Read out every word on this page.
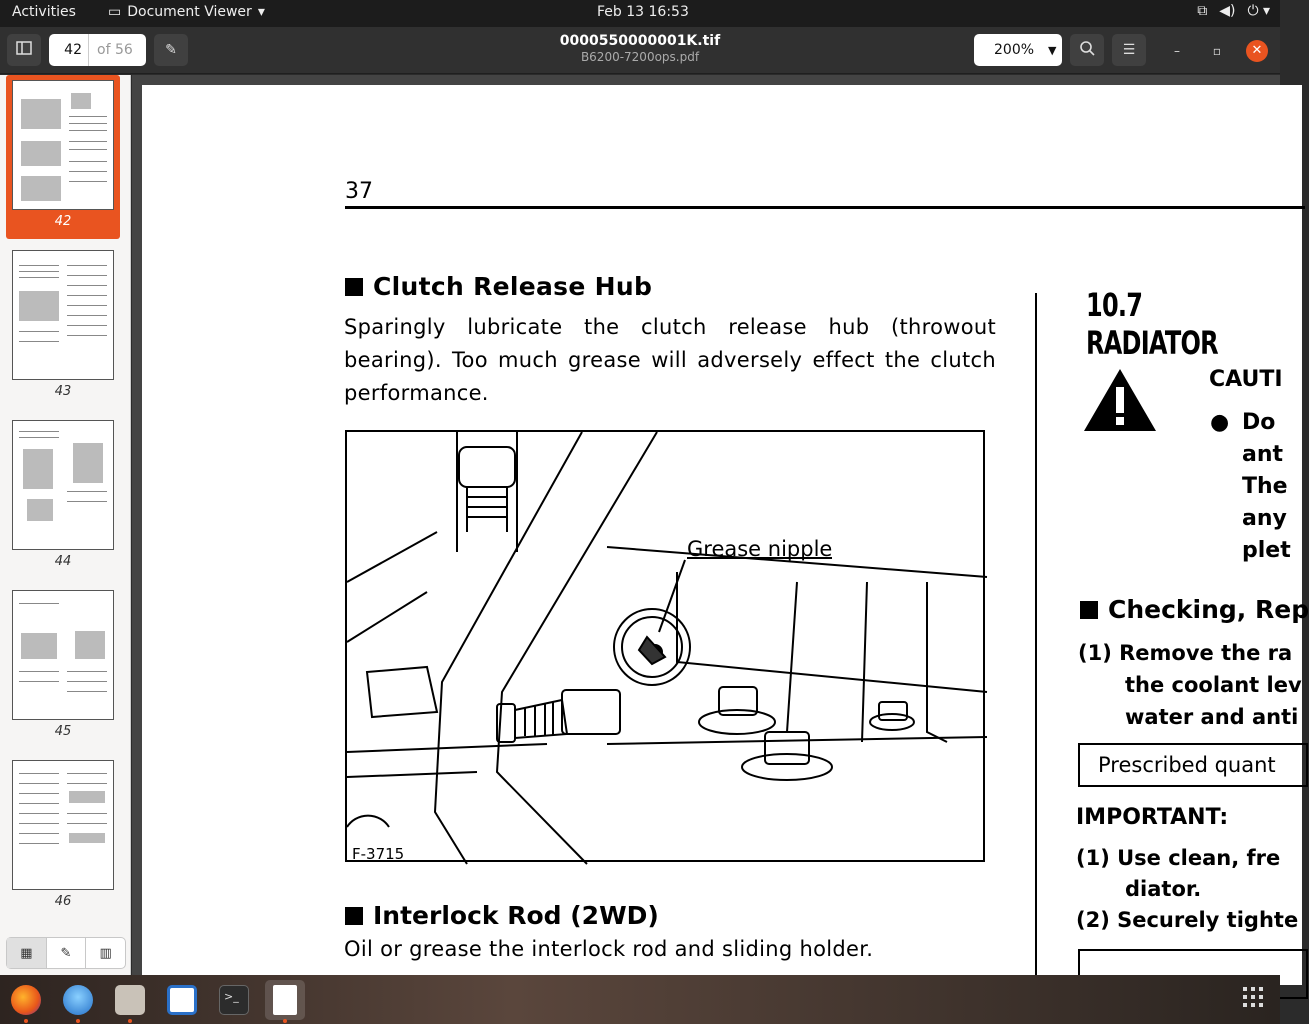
Activities ▭ Document Viewer ▾	Feb 13 16:53	⧉ ◀) ⏻ ▾
42	of 56 ✎
0000550000001K.tif
B6200-7200ops.pdf	200% ▼	☰	–	▫	✕
42
43
44
45
46
▦ ✎ ▥
37
Clutch Release Hub
Sparingly lubricate the clutch release hub (throwout bearing). Too much grease will adversely effect the clutch performance.
Grease nipple
F-3715
Interlock Rod (2WD)
Oil or grease the interlock rod and sliding holder.
10.7 RADIATOR
CAUTI
● Do
ant
The
any
plet
Checking, Rep
(1) Remove the ra
the coolant lev
water and anti
Prescribed quant
IMPORTANT:
(1) Use clean, fre
diator.
(2) Securely tighte
>_
